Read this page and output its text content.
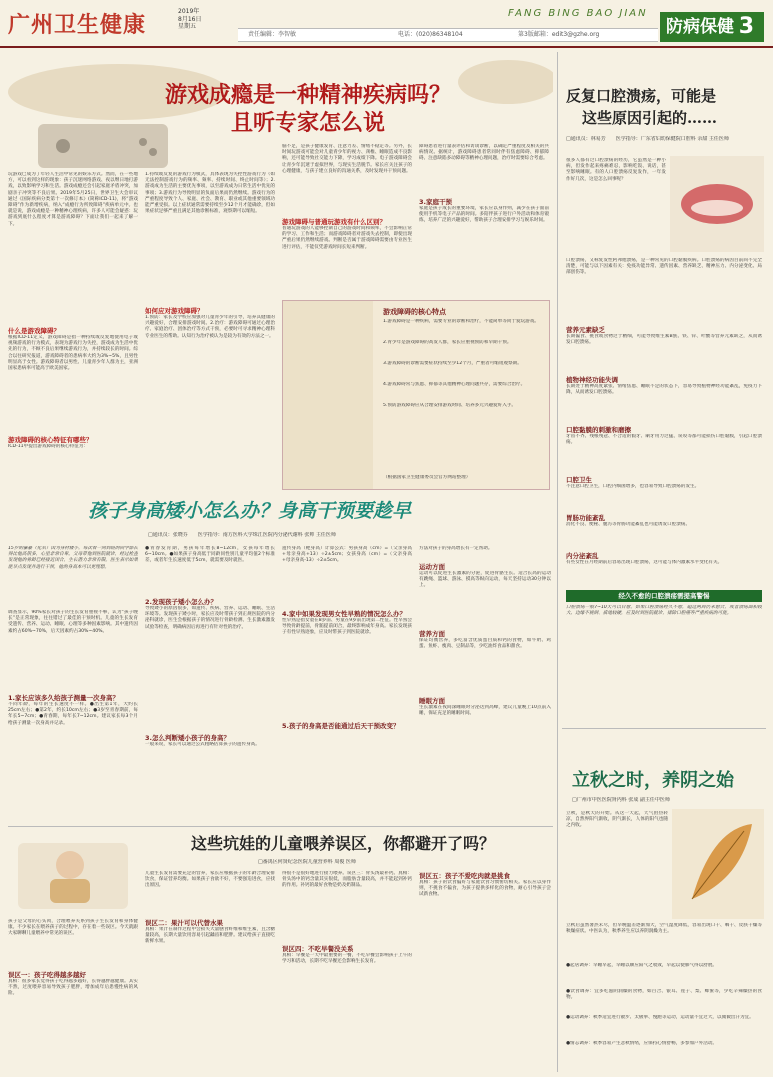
广州卫生健康
2019年
8月16日
星期五
责任编辑：李智敏	电话：(020)86348104	第3版邮箱：edit3@gzhe.org
FANG BING BAO JIAN
防病保健 3
游戏成瘾是一种精神疾病吗？
且听专家怎么说
玩游戏已成为了年轻人生活中常见的娱乐方式。然而，在一些地方，可以看到这样的现象：孩子沉迷网络游戏、夜以继日地打游戏，以致影响学习和生活。游戏成瘾还会引起家庭矛盾冲突，加剧亲子冲突等不良后果。2019年5月25日，世界卫生大会审议通过《国际疾病分类第十一次修订本》(简称ICD-11)，将“游戏障碍”作为新增疾病，纳入“成瘾行为所致障碍”疾病单元中。也就是说，游戏成瘾是一种精神心理疾病，许多人可能会疑惑：玩游戏到底什么程度才算是游戏障碍？下面让我们一起来了解一下。
什么是游戏障碍？
根据ICD-11定义，游戏障碍是指一种持续或反复地使用电子或视频游戏的行为模式，表现为游戏行为失控，游戏成为生活中优先的行为，不顾不良后果继续游戏行为，并持续较长的时间。综合以往研究报道，游戏障碍者的患病率大约为3%~5%，且男性明显高于女性。游戏障碍者以男性、儿童青少年人群为主，亚洲国家患病率可能高于欧美国家。
游戏障碍的核心特征有哪些？
ICD-11中提出游戏障碍的核心特征为：
1.持续或反复的游戏行为模式，具体表现为失控性游戏行为（如无法控制游戏行为的频率、频率、持续时间、终止时间等）；2.游戏成为生活的主要优先事项，以至游戏成为日常生活中优先的事项；3.游戏行为导致明显的负面后果而仍然继续。游戏行为的严重程度导致个人、家庭、社会、教育、职业或其他重要领域功能严重受损。以上症状通常需要持续至少12个月才能确诊，但如果症状足够严重且满足其他诊断标准，观察期可以缩短。
如何应对游戏障碍？
1.预防：家长及学校应加强对儿童青少年的引导，培养其健康的兴趣爱好，合理安排游戏时间。2.治疗：游戏障碍可通过心理治疗、家庭治疗、团体治疗等方式干预，必要时可寻求精神心理科专业医生的帮助。认知行为治疗被认为是较为有效的方法之一。
脑不足，是孩子健康发育、注意力差、情绪不稳定等。另外，长时间玩游戏可能会对儿童青少年的视力、颈椎、睡眠造成不良影响，还可能导致社交能力下降，学习成绩下降。电子游戏障碍会让青少年沉迷于虚拟世界，与现实生活脱节。家长应关注孩子的心理健康，与孩子建立良好的沟通关系，及时发现并干预问题。
游戏障碍与普通玩游戏有什么区别？
普通玩游戏的人能够控制自己的游戏时间和频率，不会影响正常的学习、工作和生活；而游戏障碍者对游戏失去控制，即使出现严重后果仍然继续游戏。判断是否属于游戏障碍需要由专业医生进行评估，不能仅凭游戏时间长短来判断。
障碍患者进行量表评估和访谈诊断，以确定严重程度及相关的共病情况。据统计，游戏障碍患者常同时伴有焦虑障碍、抑郁障碍、注意缺陷多动障碍等精神心理问题，治疗时需要综合考虑。
3.家庭干预
家庭是孩子成长的重要环境，家长应以身作则，减少在孩子面前使用手机等电子产品的时间。多陪伴孩子进行户外活动和体育锻炼，培养广泛的兴趣爱好，帮助孩子合理安排学习与娱乐时间。
游戏障碍的核心特点
1.游戏障碍是一种疾病，需要专业的诊断和治疗，不能简单等同于爱玩游戏。
2.青少年是游戏障碍的高发人群，家长应重视预防和早期干预。
3.游戏障碍的诊断需要症状持续至少12个月，严重者可缩短观察期。
4.游戏障碍常与焦虑、抑郁等其他精神心理问题共存，需要综合治疗。
5.预防游戏障碍应从合理安排游戏时间、培养多元兴趣爱好入手。
（根据国家卫生健康委员会官方网站整理）
孩子身高矮小怎么办？身高干预要趁早
□通讯员：张晓芬　　医学指导：南方医科大学珠江医院内分泌代谢科 张帅 主任医师
15岁的嘉豪（化名）因为身材矮小，每次看一同到班的同学都长得比他高很多，心里非常自卑。父母带他到医院就诊，经过检查发现他的骨龄已经接近闭合，生长潜力非常有限。医生表示如果能早点发现并进行干预，他的身高本可以更理想。
调查显示，90%家长对孩子的生长发育重视不够，认为“孩子晚长”是正常现象，往往错过了最佳的干预时机。儿童的生长发育受遗传、营养、运动、睡眠、心理等多种因素影响。其中遗传因素约占60%~70%，后天因素约占30%~40%。
1.家长应该多久给孩子测量一次身高？
不同年龄，每年的生长速度不一样。●出生第1年，大约长25cm左右；●第2年，约长10cm左右；●3岁至青春期前，每年长5~7cm；●青春期，每年长7~12cm。建议家长每3个月给孩子测量一次身高并记录。
●青春发育期，男孩每年增长8~12cm，女孩每年增长6~10cm。●如果孩子身高低于同龄同性别儿童平均值2个标准差，或者年生长速度低于5cm，就需要及时就医。
2.发现孩子矮小怎么办？
导致矮小的原因很多，如遗传、疾病、营养、运动、睡眠、生活环境等。发现孩子矮小时，家长应及时带孩子到正规医院的内分泌科就诊，医生会根据孩子的情况进行骨龄检测、生长激素激发试验等检查，明确病因后再进行有针对性的治疗。
3.怎么判断矮小孩子的身高？
一般来说，家长可以通过公式粗略估算孩子的遗传身高。
遗传身高（靶身高）计算公式：男孩身高（cm）=（父亲身高+母亲身高+13）÷2±5cm；女孩身高（cm）=（父亲身高+母亲身高-13）÷2±5cm。
4.家中如果发现男女性早熟的情况怎么办？
性早熟是指女童在8岁前、男童在9岁前出现第二性征。性早熟会导致骨龄提前，骨骺提前闭合，最终影响成年身高。家长发现孩子有性早熟迹象，应及时带孩子到医院就诊。
5.孩子的身高是否能通过后天干预改变？
方法对孩子的身高增长有一定帮助。
运动方面
运动可以促进生长激素的分泌，促进骨骼生长。适合长高的运动有跳绳、篮球、游泳、摸高等纵向运动，每天坚持运动30分钟以上。
营养方面
保证均衡营养，多吃富含优质蛋白质和钙的食物，如牛奶、鸡蛋、鱼虾、瘦肉、豆制品等，少吃油炸食品和甜食。
睡眠方面
生长激素在夜间深睡眠时分泌达到高峰，建议儿童晚上10点前入睡，保证充足的睡眠时间。
这些坑娃的儿童喂养误区，你都避开了吗？
□番禺区何贤纪念医院儿童营养科 周俊 医师
孩子是父母的心头肉，合理喂养关系到孩子生长发育和身体健康。不少家长在喂养孩子的过程中，存在着一些误区。今天就跟大家聊聊儿童喂养中常见的误区。
误区一：孩子吃得越多越好
真相：很多家长觉得孩子吃得越多越好，长得越胖越健康。其实不然，过度喂养容易导致孩子肥胖，增加成年后患慢性病的风险。
儿童生长发育需要充足的营养，家长应根据孩子的年龄合理安排饮食，保证营养均衡。如果孩子食欲不好，不要强迫进食，应找出原因。
误区二：果汁可以代替水果
真相：果汁在制作过程中会损失大量膳食纤维和维生素，且含糖量较高，长期大量饮用容易引起龋齿和肥胖。建议给孩子直接吃新鲜水果。
得很不是很好地进行接力喂养。误区三：骨头汤最补钙。真相：骨头汤中的钙含量其实很低，而脂肪含量较高，并不能起到补钙的作用。补钙的最好食物是奶及奶制品。
误区四：不吃早餐没关系
真相：早餐是一天中最重要的一餐，不吃早餐会影响孩子上午的学习和活动，长期不吃早餐还会影响生长发育。
误区五：孩子不爱吃肉就是挑食
真相：孩子的饮食偏好与家庭饮食习惯密切相关。家长应以身作则，不挑食不偏食，为孩子提供多样化的食物，耐心引导孩子尝试新食物。
反复口腔溃疡，可能是
这些原因引起的……
□通讯员：林易芳　　医学指导：广东省妇幼保健院口腔科 余甜 主任医师
很多人都有过口腔溃疡的经历，它虽然是一种小病，但发作起来疼痛难忍，影响吃饭、说话，甚至影响睡眠。有的人口腔溃疡反复发作，一年发作好几次，这是怎么回事呢？
口腔溃疡，又称复发性阿弗他溃疡，是一种常见的口腔黏膜疾病。口腔溃疡的病因目前尚不完全清楚，可能与以下因素有关：免疫功能异常、遗传因素、营养缺乏、精神压力、内分泌变化、局部创伤等。
营养元素缺乏
长期偏食、挑食或食物过于精细，可能导致维生素B族、铁、锌、叶酸等营养元素缺乏，从而诱发口腔溃疡。
植物神经功能失调
长期处于精神高度紧张、情绪焦虑、睡眠不足的状态下，容易导致植物神经功能紊乱，免疫力下降，从而诱发口腔溃疡。
口腔黏膜的刺激和磨擦
牙齿不齐、残根残冠、不合适的假牙、刷牙用力过猛、误咬等都可能损伤口腔黏膜，引起口腔溃疡。
口腔卫生
不注意口腔卫生，口腔内细菌增多，也容易导致口腔溃疡的发生。
胃肠功能紊乱
消化不良、便秘、腹泻等胃肠功能紊乱也可能诱发口腔溃疡。
内分泌紊乱
有些女性在月经期前后容易出现口腔溃疡，这可能与体内激素水平变化有关。
经久不愈的口腔溃疡需提高警惕
口腔溃疡一般7~10天可以自愈。如果口腔溃疡经久不愈，超过两周仍未愈合，或者溃疡面积较大、边缘不规则、质地较硬，应及时到医院就诊，排除口腔癌等严重疾病的可能。
立秋之时，养阴之始
□广州市中医医院肾内科 张成 副主任中医师
立秋，是秋天的开始。从这一天起，天气由热转凉，自然界阳气渐收，阴气渐长，人体的阳气也随之内收。
立秋后虽然暑热未尽，但早晚温差逐渐加大，空气湿度降低，容易出现口干、咽干、皮肤干燥等秋燥症状。中医认为，秋季养生应以养阴润燥为主。
●起居调养：早睡早起，早睡以顺应阳气之收敛，早起以使肺气得以舒展。
●饮食调养：宜多吃滋阴润燥的食物，如百合、银耳、莲子、梨、蜂蜜等，少吃辛辣燥热的食物。
●运动调养：秋季适宜进行散步、太极拳、慢跑等运动，运动量不宜过大，以微微出汗为宜。
●情志调养：秋季容易产生悲秋情绪，应保持心情舒畅，多参加户外活动。
